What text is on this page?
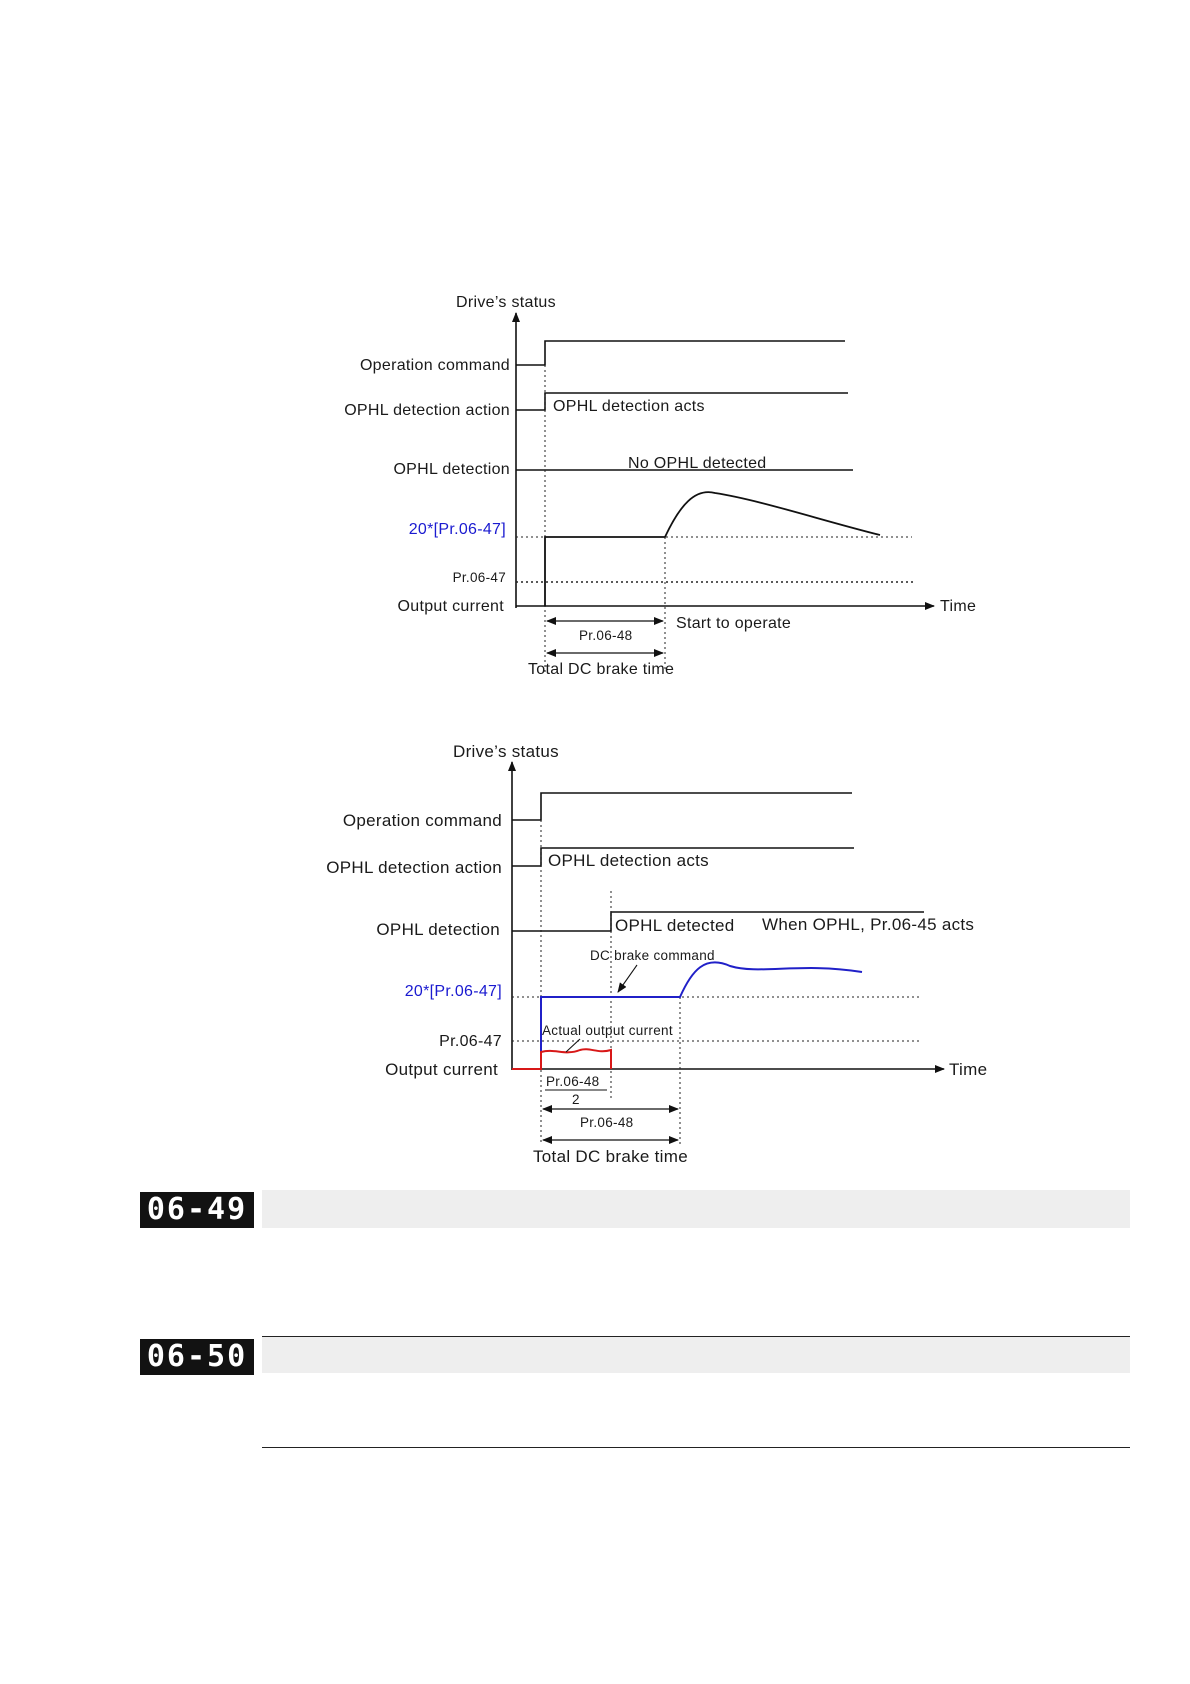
Drive’s status
Time
Operation command
OPHL detection action
OPHL detection
20*[Pr.06-47]
Pr.06-47
Output current
OPHL detection acts
No OPHL detected
Pr.06-48
Start to operate
Total DC brake time
Drive’s status
Time
Operation command
OPHL detection action
OPHL detection
20*[Pr.06-47]
Pr.06-47
Output current
OPHL detection acts
OPHL detected When OPHL, Pr.06-45 acts
DC brake command
Actual output current
Pr.06-48
2
Pr.06-48
Total DC brake time
06-49
06-50
